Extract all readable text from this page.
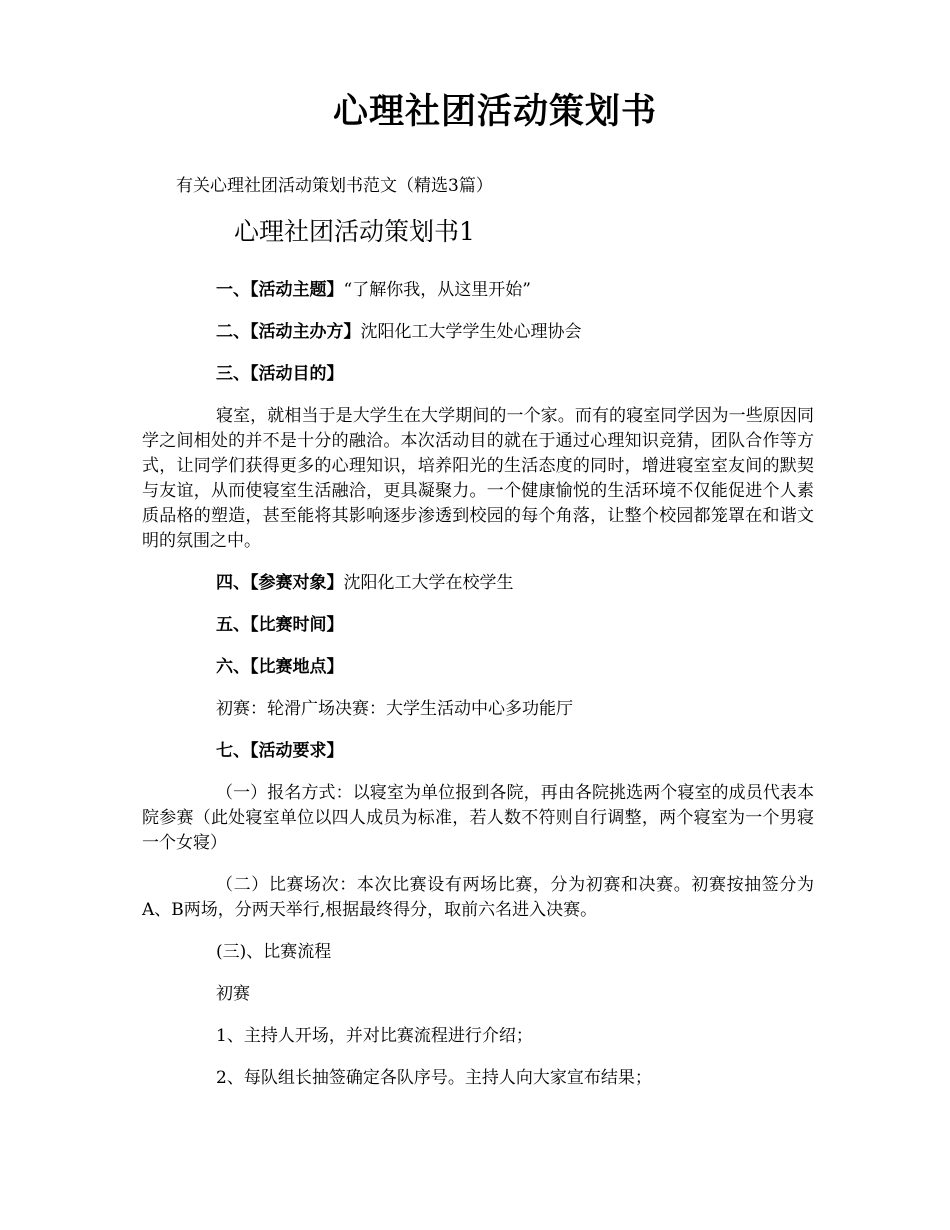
心理社团活动策划书

有关心理社团活动策划书范文（精选3篇）

心理社团活动策划书1

一、【活动主题】“了解你我，从这里开始”

二、【活动主办方】沈阳化工大学学生处心理协会

三、【活动目的】

寝室，就相当于是大学生在大学期间的一个家。而有的寝室同学因为一些原因同学之间相处的并不是十分的融洽。本次活动目的就在于通过心理知识竞猜，团队合作等方式，让同学们获得更多的心理知识，培养阳光的生活态度的同时，增进寝室室友间的默契与友谊，从而使寝室生活融洽，更具凝聚力。一个健康愉悦的生活环境不仅能促进个人素质品格的塑造，甚至能将其影响逐步渗透到校园的每个角落，让整个校园都笼罩在和谐文明的氛围之中。

四、【参赛对象】沈阳化工大学在校学生

五、【比赛时间】

六、【比赛地点】

初赛：轮滑广场决赛：大学生活动中心多功能厅

七、【活动要求】

（一）报名方式：以寝室为单位报到各院，再由各院挑选两个寝室的成员代表本院参赛（此处寝室单位以四人成员为标准，若人数不符则自行调整，两个寝室为一个男寝一个女寝）

（二）比赛场次：本次比赛设有两场比赛，分为初赛和决赛。初赛按抽签分为A、B两场，分两天举行,根据最终得分，取前六名进入决赛。

(三)、比赛流程

初赛

1、主持人开场，并对比赛流程进行介绍；

2、每队组长抽签确定各队序号。主持人向大家宣布结果；
